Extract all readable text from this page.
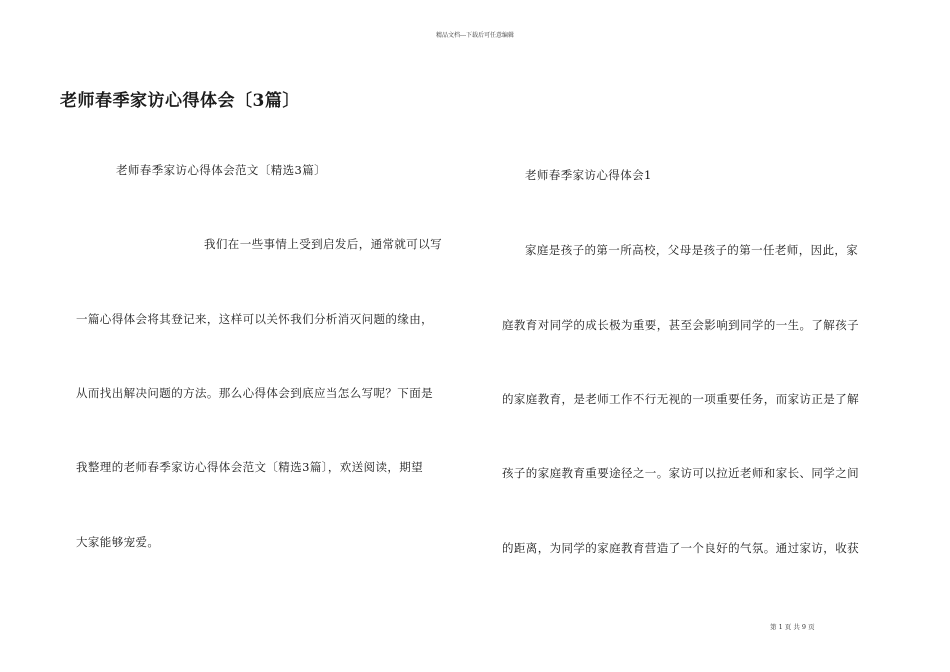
精品文档---下载后可任意编辑
老师春季家访心得体会〔3篇〕
老师春季家访心得体会范文〔精选3篇〕
我们在一些事情上受到启发后，通常就可以写
一篇心得体会将其登记来，这样可以关怀我们分析消灭问题的缘由，
从而找出解决问题的方法。那么心得体会到底应当怎么写呢？下面是
我整理的老师春季家访心得体会范文〔精选3篇〕，欢送阅读，期望
大家能够宠爱。
老师春季家访心得体会1
家庭是孩子的第一所高校，父母是孩子的第一任老师，因此，家
庭教育对同学的成长极为重要，甚至会影响到同学的一生。了解孩子
的家庭教育，是老师工作不行无视的一项重要任务，而家访正是了解
孩子的家庭教育重要途径之一。家访可以拉近老师和家长、同学之间
的距离，为同学的家庭教育营造了一个良好的气氛。通过家访，收获
第 1 页 共 9 页
